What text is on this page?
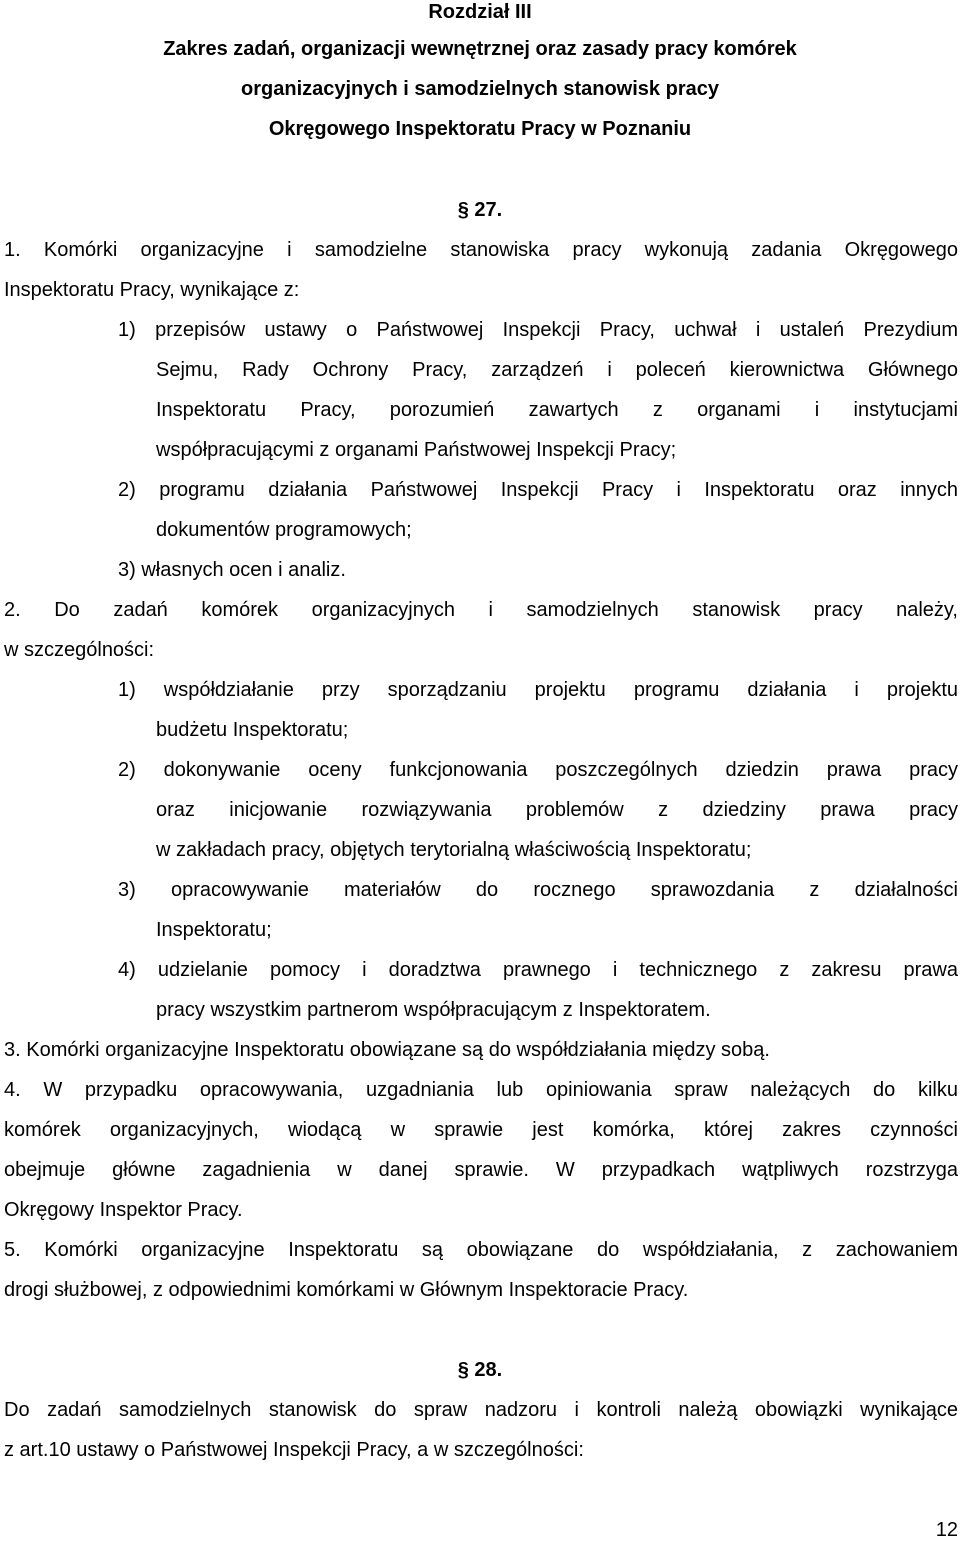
Rozdział III
Zakres zadań, organizacji wewnętrznej oraz zasady pracy komórek
organizacyjnych i samodzielnych stanowisk pracy
Okręgowego Inspektoratu Pracy w Poznaniu
§ 27.
1. Komórki organizacyjne i samodzielne stanowiska pracy wykonują zadania Okręgowego
Inspektoratu Pracy, wynikające z:
1) przepisów ustawy o Państwowej Inspekcji Pracy, uchwał i ustaleń Prezydium
Sejmu, Rady Ochrony Pracy, zarządzeń i poleceń kierownictwa Głównego
Inspektoratu Pracy, porozumień zawartych z organami i instytucjami
współpracującymi z organami Państwowej Inspekcji Pracy;
2) programu działania Państwowej Inspekcji Pracy i Inspektoratu oraz innych
dokumentów programowych;
3) własnych ocen i analiz.
2. Do zadań komórek organizacyjnych i samodzielnych stanowisk pracy należy,
w szczególności:
1) współdziałanie przy sporządzaniu projektu programu działania i projektu
budżetu Inspektoratu;
2) dokonywanie oceny funkcjonowania poszczególnych dziedzin prawa pracy
oraz inicjowanie rozwiązywania problemów z dziedziny prawa pracy
w zakładach pracy, objętych terytorialną właściwością Inspektoratu;
3) opracowywanie materiałów do rocznego sprawozdania z działalności
Inspektoratu;
4) udzielanie pomocy i doradztwa prawnego i technicznego z zakresu prawa
pracy wszystkim partnerom współpracującym z Inspektoratem.
3. Komórki organizacyjne Inspektoratu obowiązane są do współdziałania między sobą.
4. W przypadku opracowywania, uzgadniania lub opiniowania spraw należących do kilku
komórek organizacyjnych, wiodącą w sprawie jest komórka, której zakres czynności
obejmuje główne zagadnienia w danej sprawie. W przypadkach wątpliwych rozstrzyga
Okręgowy Inspektor Pracy.
5. Komórki organizacyjne Inspektoratu są obowiązane do współdziałania, z zachowaniem
drogi służbowej, z odpowiednimi komórkami w Głównym Inspektoracie Pracy.
§ 28.
Do zadań samodzielnych stanowisk do spraw nadzoru i kontroli należą obowiązki wynikające
z art.10 ustawy o Państwowej Inspekcji Pracy, a w szczególności:
12
